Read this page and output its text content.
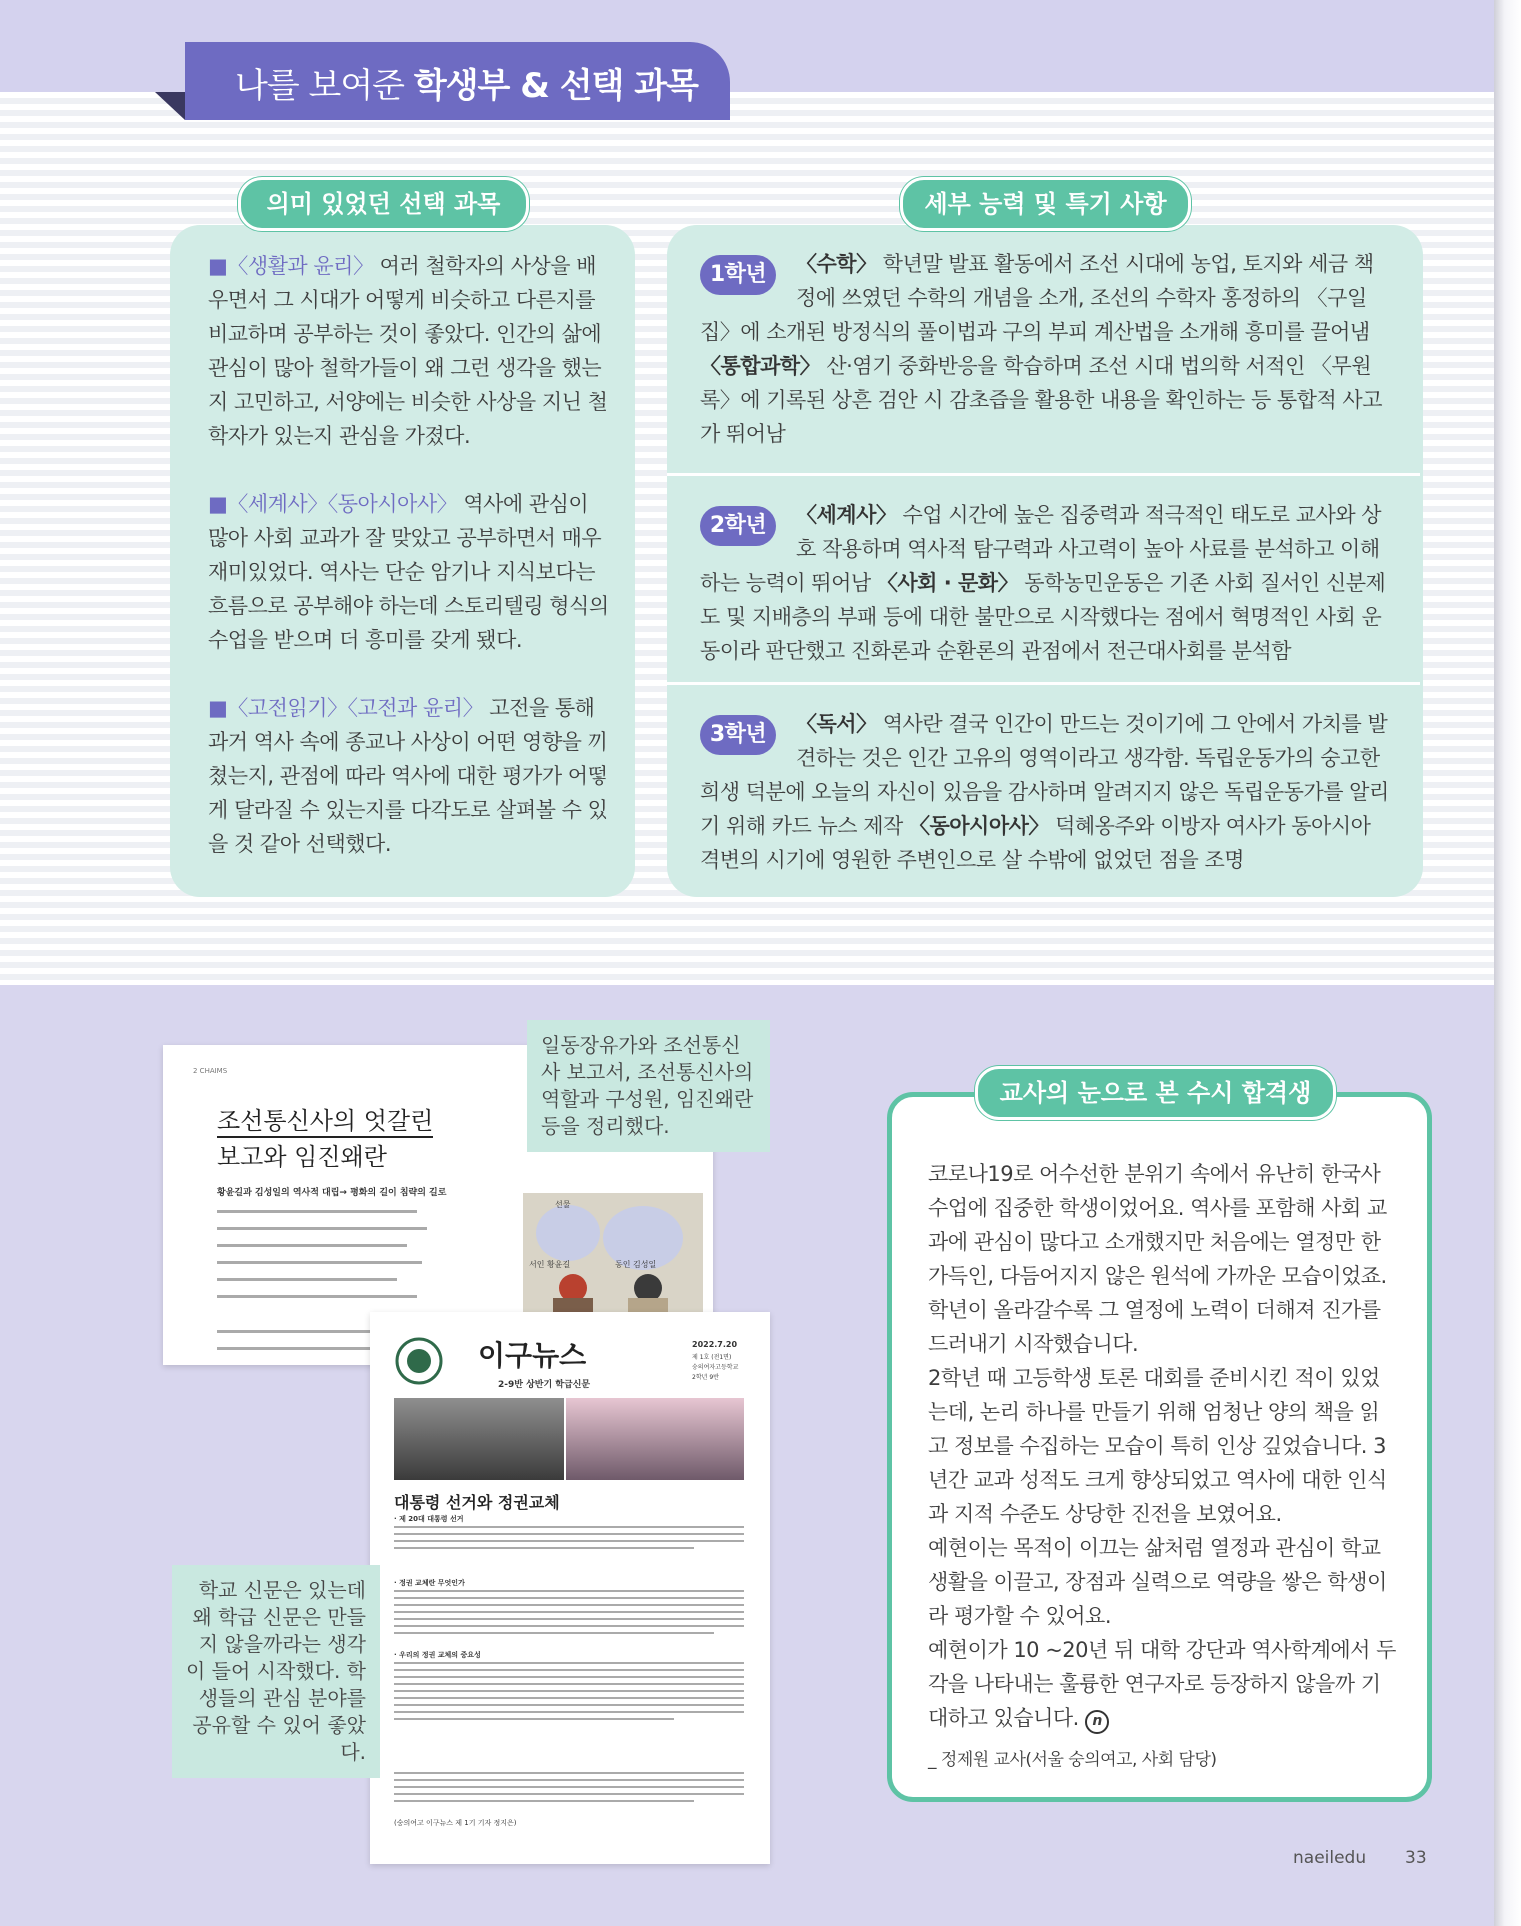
나를 보여준 학생부 & 선택 과목
■〈생활과 윤리〉 여러 철학자의 사상을 배우면서 그 시대가 어떻게 비슷하고 다른지를 비교하며 공부하는 것이 좋았다. 인간의 삶에 관심이 많아 철학가들이 왜 그런 생각을 했는지 고민하고, 서양에는 비슷한 사상을 지닌 철학자가 있는지 관심을 가졌다.
■〈세계사〉〈동아시아사〉 역사에 관심이 많아 사회 교과가 잘 맞았고 공부하면서 매우 재미있었다. 역사는 단순 암기나 지식보다는 흐름으로 공부해야 하는데 스토리텔링 형식의 수업을 받으며 더 흥미를 갖게 됐다.
■〈고전읽기〉〈고전과 윤리〉 고전을 통해 과거 역사 속에 종교나 사상이 어떤 영향을 끼쳤는지, 관점에 따라 역사에 대한 평가가 어떻게 달라질 수 있는지를 다각도로 살펴볼 수 있을 것 같아 선택했다.
의미 있었던 선택 과목
1학년	〈수학〉 학년말 발표 활동에서 조선 시대에 농업, 토지와 세금 책정에 쓰였던 수학의 개념을 소개, 조선의 수학자 홍정하의 〈구일집〉에 소개된 방정식의 풀이법과 구의 부피 계산법을 소개해 흥미를 끌어냄 〈통합과학〉 산·염기 중화반응을 학습하며 조선 시대 법의학 서적인 〈무원록〉에 기록된 상흔 검안 시 감초즙을 활용한 내용을 확인하는 등 통합적 사고가 뛰어남
2학년	〈세계사〉 수업 시간에 높은 집중력과 적극적인 태도로 교사와 상호 작용하며 역사적 탐구력과 사고력이 높아 사료를 분석하고 이해하는 능력이 뛰어남 〈사회 · 문화〉 동학농민운동은 기존 사회 질서인 신분제도 및 지배층의 부패 등에 대한 불만으로 시작했다는 점에서 혁명적인 사회 운동이라 판단했고 진화론과 순환론의 관점에서 전근대사회를 분석함
3학년	〈독서〉 역사란 결국 인간이 만드는 것이기에 그 안에서 가치를 발견하는 것은 인간 고유의 영역이라고 생각함. 독립운동가의 숭고한 희생 덕분에 오늘의 자신이 있음을 감사하며 알려지지 않은 독립운동가를 알리기 위해 카드 뉴스 제작 〈동아시아사〉 덕혜옹주와 이방자 여사가 동아시아 격변의 시기에 영원한 주변인으로 살 수밖에 없었던 점을 조명
세부 능력 및 특기 사항
2 CHAIMS
조선통신사의 엇갈린
보고와 임진왜란
황윤길과 김성일의 역사적 대립→ 평화의 길이 침략의 길로
선물
서인 황윤길	동인 김성일
일동장유가와 조선통신사 보고서, 조선통신사의 역할과 구성원, 임진왜란 등을 정리했다.
이구뉴스
2-9반 상반기 학급신문
2022.7.20
제 1호 (전1면)
숭의여자고등학교
2학년 9반
대통령 선거와 정권교체
· 제 20대 대통령 선거
· 정권 교체란 무엇인가
· 우리의 정권 교체의 중요성
(숭의여고 이구뉴스 제 1기 기자 정지은)
학교 신문은 있는데 왜 학급 신문은 만들지 않을까라는 생각이 들어 시작했다. 학생들의 관심 분야를 공유할 수 있어 좋았다.
코로나19로 어수선한 분위기 속에서 유난히 한국사 수업에 집중한 학생이었어요. 역사를 포함해 사회 교과에 관심이 많다고 소개했지만 처음에는 열정만 한가득인, 다듬어지지 않은 원석에 가까운 모습이었죠. 학년이 올라갈수록 그 열정에 노력이 더해져 진가를 드러내기 시작했습니다.
2학년 때 고등학생 토론 대회를 준비시킨 적이 있었는데, 논리 하나를 만들기 위해 엄청난 양의 책을 읽고 정보를 수집하는 모습이 특히 인상 깊었습니다. 3년간 교과 성적도 크게 향상되었고 역사에 대한 인식과 지적 수준도 상당한 진전을 보였어요.
예현이는 목적이 이끄는 삶처럼 열정과 관심이 학교생활을 이끌고, 장점과 실력으로 역량을 쌓은 학생이라 평가할 수 있어요.
예현이가 10 ~20년 뒤 대학 강단과 역사학계에서 두각을 나타내는 훌륭한 연구자로 등장하지 않을까 기대하고 있습니다. n
_ 정제원 교사(서울 숭의여고, 사회 담당)
교사의 눈으로 본 수시 합격생
naeiledu 33
